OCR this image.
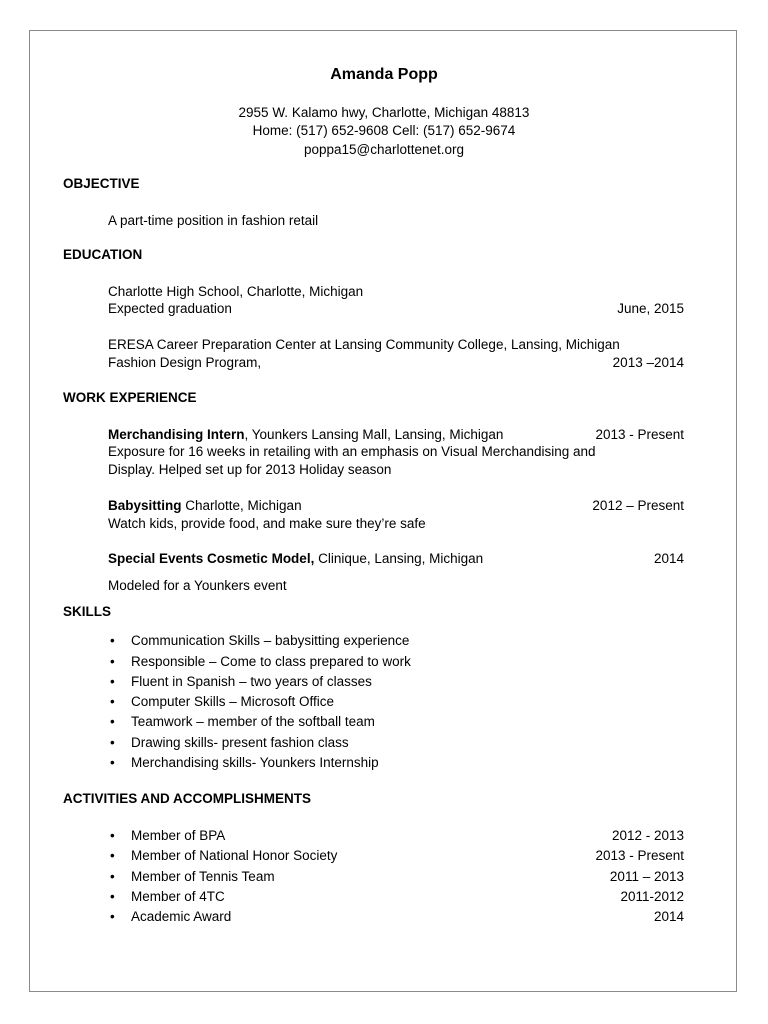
Amanda Popp
2955 W. Kalamo hwy, Charlotte, Michigan 48813
Home: (517) 652-9608 Cell: (517) 652-9674
poppa15@charlottenet.org
OBJECTIVE
A part-time position in fashion retail
EDUCATION
Charlotte High School, Charlotte, Michigan
Expected graduation	June, 2015
ERESA Career Preparation Center at Lansing Community College, Lansing, Michigan
Fashion Design Program,	2013 –2014
WORK EXPERIENCE
Merchandising Intern, Younkers Lansing Mall, Lansing, Michigan	2013 - Present
Exposure for 16 weeks in retailing with an emphasis on Visual Merchandising and
Display. Helped set up for 2013 Holiday season
Babysitting Charlotte, Michigan	2012 – Present
Watch kids, provide food, and make sure they’re safe
Special Events Cosmetic Model, Clinique, Lansing, Michigan	2014
Modeled for a Younkers event
SKILLS
• Communication Skills – babysitting experience
• Responsible – Come to class prepared to work
• Fluent in Spanish – two years of classes
• Computer Skills – Microsoft Office
• Teamwork – member of the softball team
• Drawing skills- present fashion class
• Merchandising skills- Younkers Internship
ACTIVITIES AND ACCOMPLISHMENTS
• Member of BPA	2012 - 2013
• Member of National Honor Society	2013 - Present
• Member of Tennis Team	2011 – 2013
• Member of 4TC	2011-2012
• Academic Award	2014
